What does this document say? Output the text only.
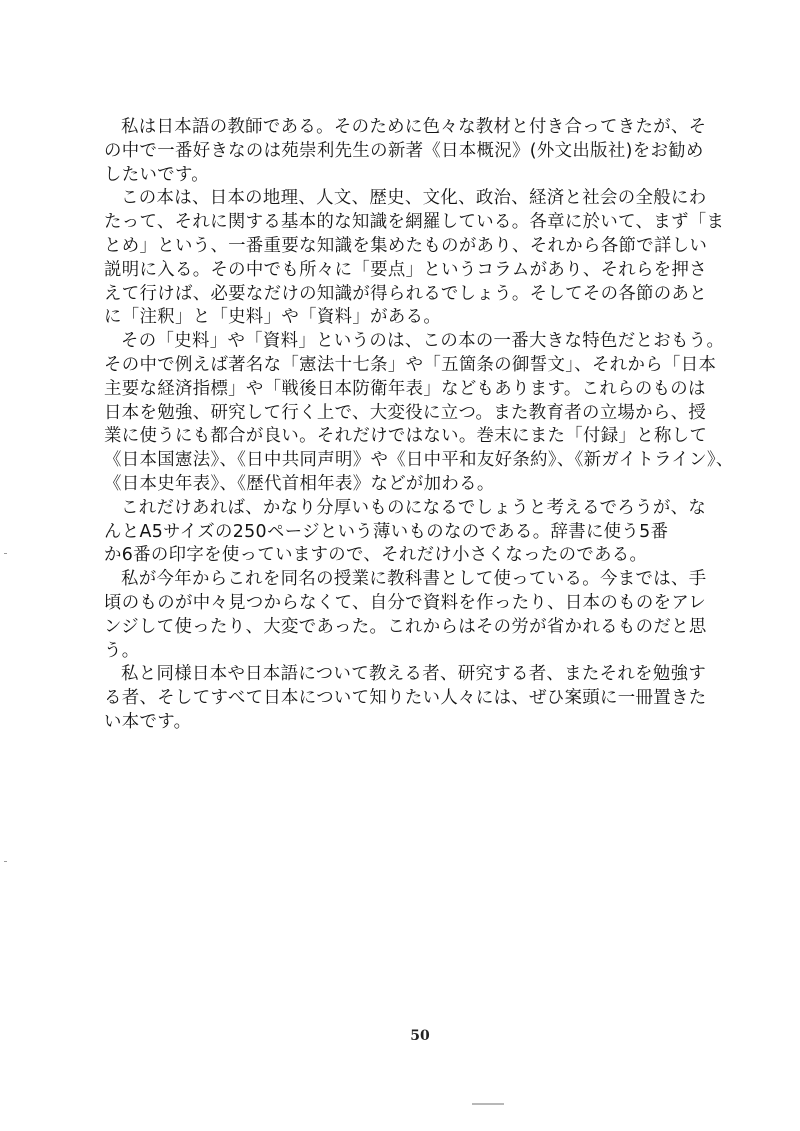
私は日本語の教師である。そのために色々な教材と付き合ってきたが、そ
の中で一番好きなのは苑崇利先生の新著《日本概況》(外文出版社)をお勧め
したいです。
この本は、日本の地理、人文、歴史、文化、政治、経済と社会の全般にわ
たって、それに関する基本的な知識を網羅している。各章に於いて、まず「ま
とめ」という、一番重要な知識を集めたものがあり、それから各節で詳しい
説明に入る。その中でも所々に「要点」というコラムがあり、それらを押さ
えて行けば、必要なだけの知識が得られるでしょう。そしてその各節のあと
に「注釈」と「史料」や「資料」がある。
その「史料」や「資料」というのは、この本の一番大きな特色だとおもう。
その中で例えば著名な「憲法十七条」や「五箇条の御誓文」、それから「日本
主要な経済指標」や「戦後日本防衛年表」などもあります。これらのものは
日本を勉強、研究して行く上で、大変役に立つ。また教育者の立場から、授
業に使うにも都合が良い。それだけではない。巻末にまた「付録」と称して
《日本国憲法》、《日中共同声明》や《日中平和友好条約》、《新ガイトライン》、
《日本史年表》、《歴代首相年表》などが加わる。
これだけあれば、かなり分厚いものになるでしょうと考えるでろうが、な
んとA5サイズの250ページという薄いものなのである。辞書に使う5番
か6番の印字を使っていますので、それだけ小さくなったのである。
私が今年からこれを同名の授業に教科書として使っている。今までは、手
頃のものが中々見つからなくて、自分で資料を作ったり、日本のものをアレ
ンジして使ったり、大変であった。これからはその労が省かれるものだと思
う。
私と同様日本や日本語について教える者、研究する者、またそれを勉強す
る者、そしてすべて日本について知りたい人々には、ぜひ案頭に一冊置きた
い本です。
50
